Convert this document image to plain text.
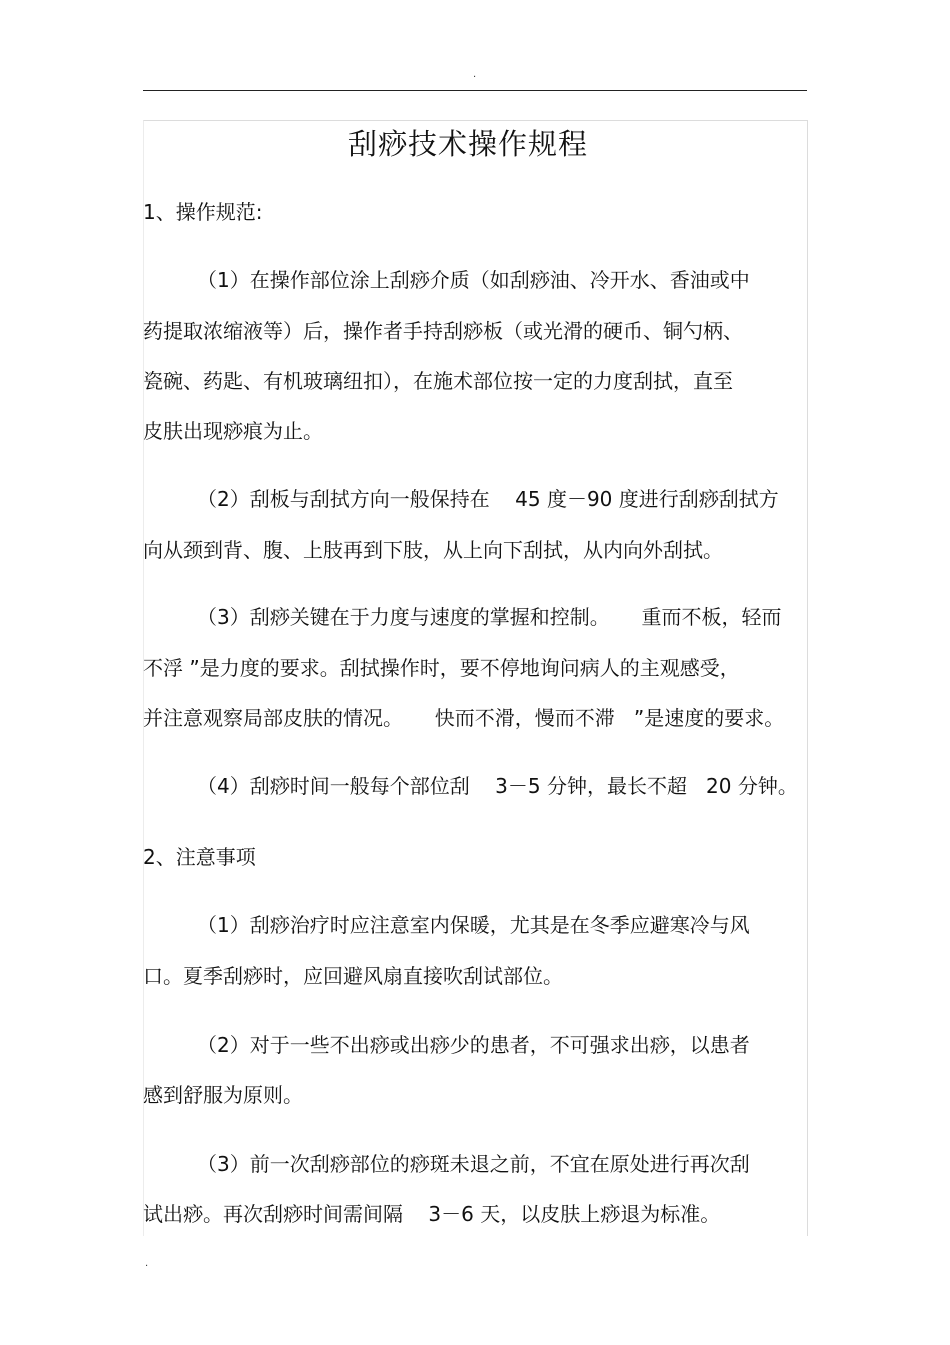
.
刮痧技术操作规程
1、操作规范:
（1）在操作部位涂上刮痧介质（如刮痧油、冷开水、香油或中
药提取浓缩液等）后，操作者手持刮痧板（或光滑的硬币、铜勺柄、
瓷碗、药匙、有机玻璃纽扣），在施术部位按一定的力度刮拭，直至
皮肤出现痧痕为止。
（2）刮板与刮拭方向一般保持在    45 度－90 度进行刮痧刮拭方
向从颈到背、腹、上肢再到下肢，从上向下刮拭，从内向外刮拭。
（3）刮痧关键在于力度与速度的掌握和控制。     重而不板，轻而
不浮 ”是力度的要求。刮拭操作时，要不停地询问病人的主观感受，
并注意观察局部皮肤的情况。     快而不滑，慢而不滞   ”是速度的要求。
（4）刮痧时间一般每个部位刮    3－5 分钟，最长不超   20 分钟。
2、注意事项
（1）刮痧治疗时应注意室内保暖，尤其是在冬季应避寒冷与风
口。夏季刮痧时，应回避风扇直接吹刮试部位。
（2）对于一些不出痧或出痧少的患者，不可强求出痧，以患者
感到舒服为原则。
（3）前一次刮痧部位的痧斑未退之前，不宜在原处进行再次刮
试出痧。再次刮痧时间需间隔    3－6 天，以皮肤上痧退为标准。
.
